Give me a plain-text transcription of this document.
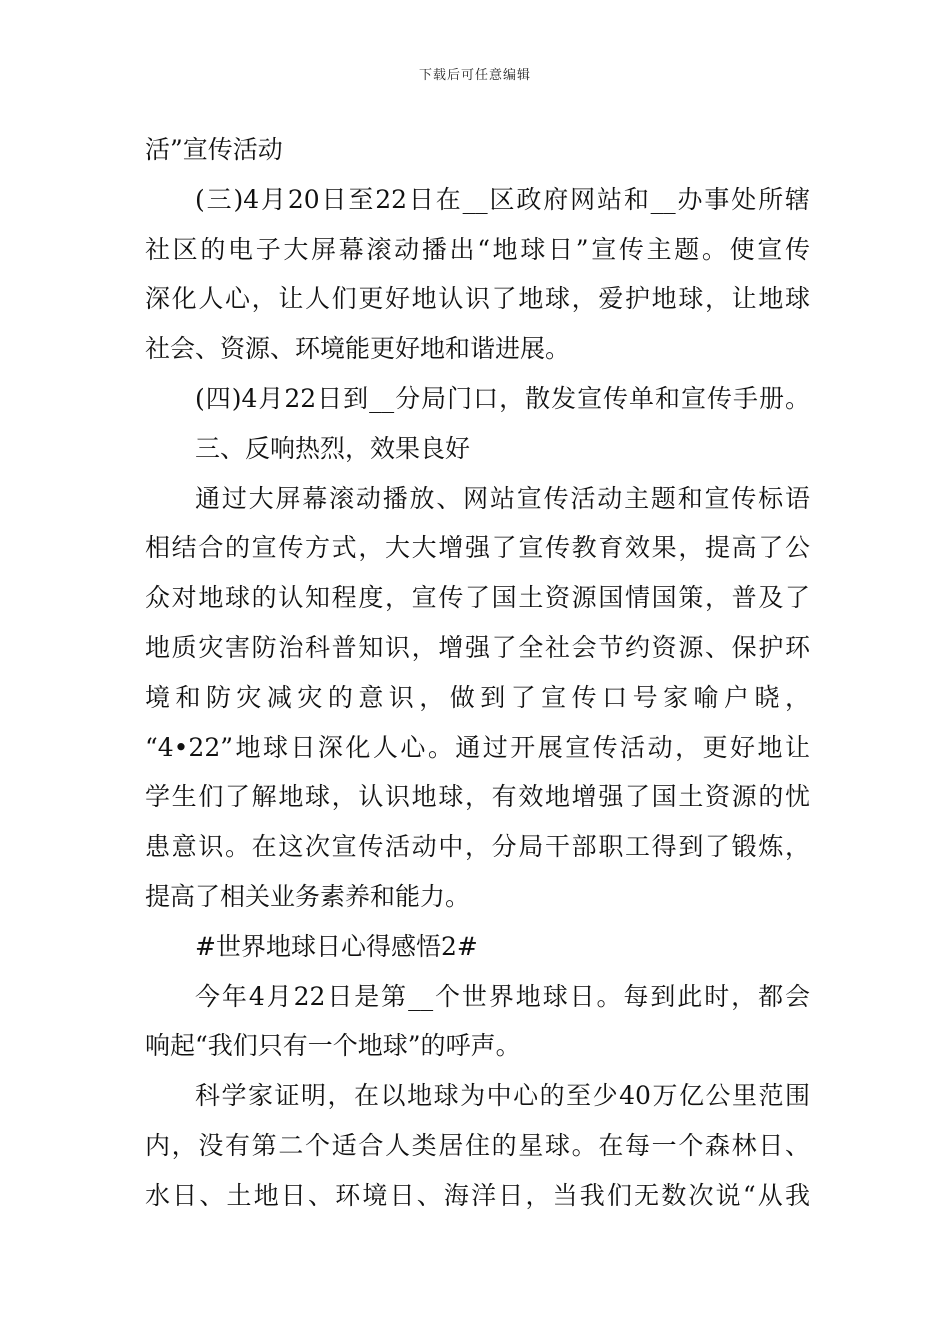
下载后可任意编辑
活”宣传活动
(三)4月20日至22日在__区政府网站和__办事处所辖
社区的电子大屏幕滚动播出“地球日”宣传主题。使宣传
深化人心，让人们更好地认识了地球，爱护地球，让地球
社会、资源、环境能更好地和谐进展。
(四)4月22日到__分局门口，散发宣传单和宣传手册。
三、反响热烈，效果良好
通过大屏幕滚动播放、网站宣传活动主题和宣传标语
相结合的宣传方式，大大增强了宣传教育效果，提高了公
众对地球的认知程度，宣传了国土资源国情国策，普及了
地质灾害防治科普知识，增强了全社会节约资源、保护环
境和防灾减灾的意识，做到了宣传口号家喻户晓，
“4•22”地球日深化人心。通过开展宣传活动，更好地让
学生们了解地球，认识地球，有效地增强了国土资源的忧
患意识。在这次宣传活动中，分局干部职工得到了锻炼，
提高了相关业务素养和能力。
#世界地球日心得感悟2#
今年4月22日是第__个世界地球日。每到此时，都会
响起“我们只有一个地球”的呼声。
科学家证明，在以地球为中心的至少40万亿公里范围
内，没有第二个适合人类居住的星球。在每一个森林日、
水日、土地日、环境日、海洋日，当我们无数次说“从我
